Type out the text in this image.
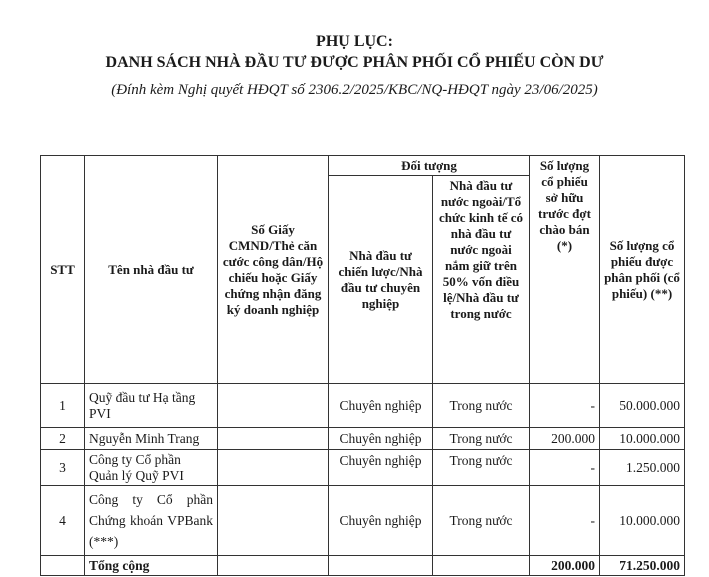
PHỤ LỤC:
DANH SÁCH NHÀ ĐẦU TƯ ĐƯỢC PHÂN PHỐI CỔ PHIẾU CÒN DƯ
(Đính kèm Nghị quyết HĐQT số 2306.2/2025/KBC/NQ-HĐQT ngày 23/06/2025)
STT	Tên nhà đầu tư	Số Giấy CMND/Thẻ căn cước công dân/Hộ chiếu hoặc Giấy chứng nhận đăng ký doanh nghiệp	Đối tượng		Số lượng cổ phiếu sở hữu trước đợt chào bán (*)	Số lượng cổ phiếu được phân phối (cổ phiếu) (**)
			Nhà đầu tư chiến lược/Nhà đầu tư chuyên nghiệp	Nhà đầu tư nước ngoài/Tổ chức kinh tế có nhà đầu tư nước ngoài nắm giữ trên 50% vốn điều lệ/Nhà đầu tư trong nước		
1	Quỹ đầu tư Hạ tầng PVI		Chuyên nghiệp	Trong nước	-	50.000.000
2	Nguyễn Minh Trang		Chuyên nghiệp	Trong nước	200.000	10.000.000
3	Công ty Cổ phần Quản lý Quỹ PVI		Chuyên nghiệp	Trong nước	-	1.250.000
4	Công ty Cổ phần Chứng khoán VPBank (***)		Chuyên nghiệp	Trong nước	-	10.000.000
	Tổng cộng				200.000	71.250.000
